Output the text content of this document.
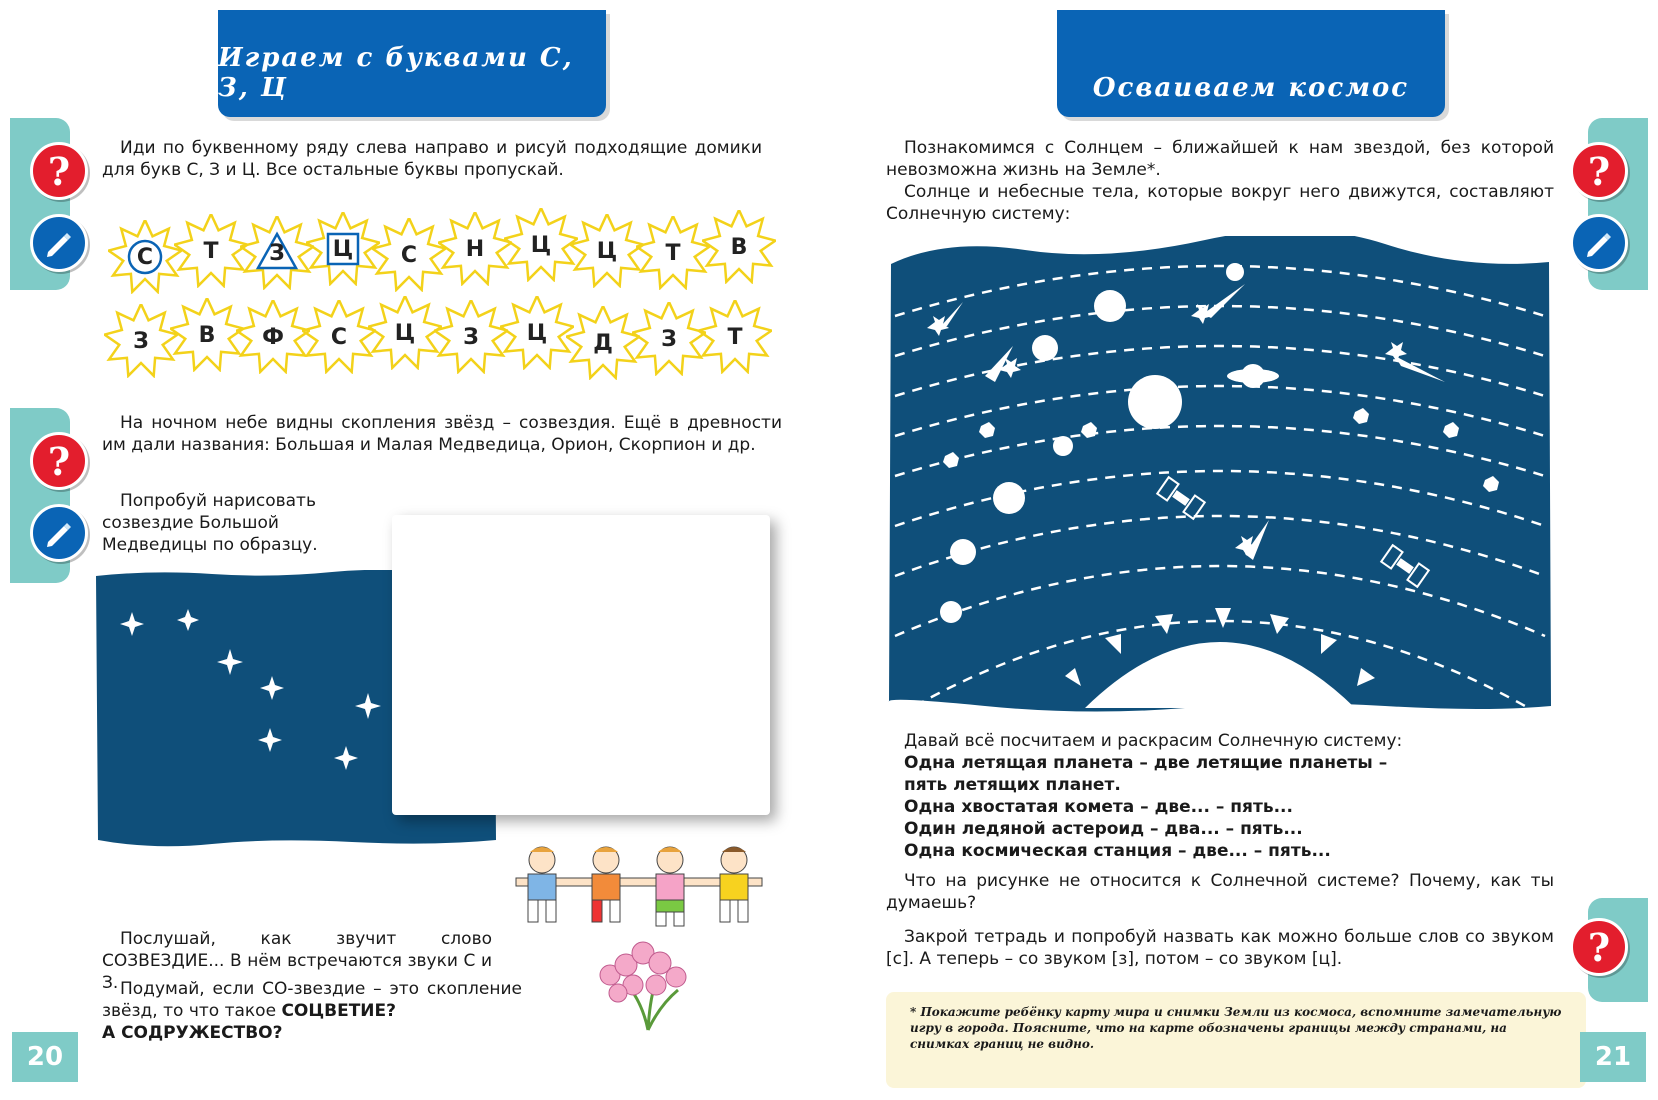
Играем с буквами С, З, Ц
?
?

Иди по буквенному ряду слева направо и рисуй подходящие домики для букв С, З и Ц. Все остальные буквы пропускай.

С	Т	З	Ц	С	Н	Ц	Ц	Т	В
З	В	Ф	С	Ц	З	Ц	Д	З	Т

На ночном небе видны скопления звёзд – созвездия. Ещё в древности им дали названия: Большая и Малая Медведица, Орион, Скорпион и др.

Попробуй нарисовать созвездие Большой Медведицы по образцу.

Послушай, как звучит слово СОЗВЕЗДИЕ... В нём встречаются звуки С и З. Подумай, если СО-звездие – это скопление звёзд, то что такое СОЦВЕТИЕ?

А СОДРУЖЕСТВО?

20
Осваиваем космос
?
?

Познакомимся с Солнцем – ближайшей к нам звездой, без которой невозможна жизнь на Земле*.

Солнце и небесные тела, которые вокруг него движутся, составляют Солнечную систему:

Давай всё посчитаем и раскрасим Солнечную систему:

Одна летящая планета – две летящие планеты –

пять летящих планет.

Одна хвостатая комета – две... – пять...

Один ледяной астероид – два... – пять...

Одна космическая станция – две... – пять...

Что на рисунке не относится к Солнечной системе? Почему, как ты думаешь?

Закрой тетрадь и попробуй назвать как можно больше слов со звуком [с]. А теперь – со звуком [з], потом – со звуком [ц].

* Покажите ребёнку карту мира и снимки Земли из космоса, вспомните замечательную игру в города. Поясните, что на карте обозначены границы между странами, на снимках границ не видно.	21
